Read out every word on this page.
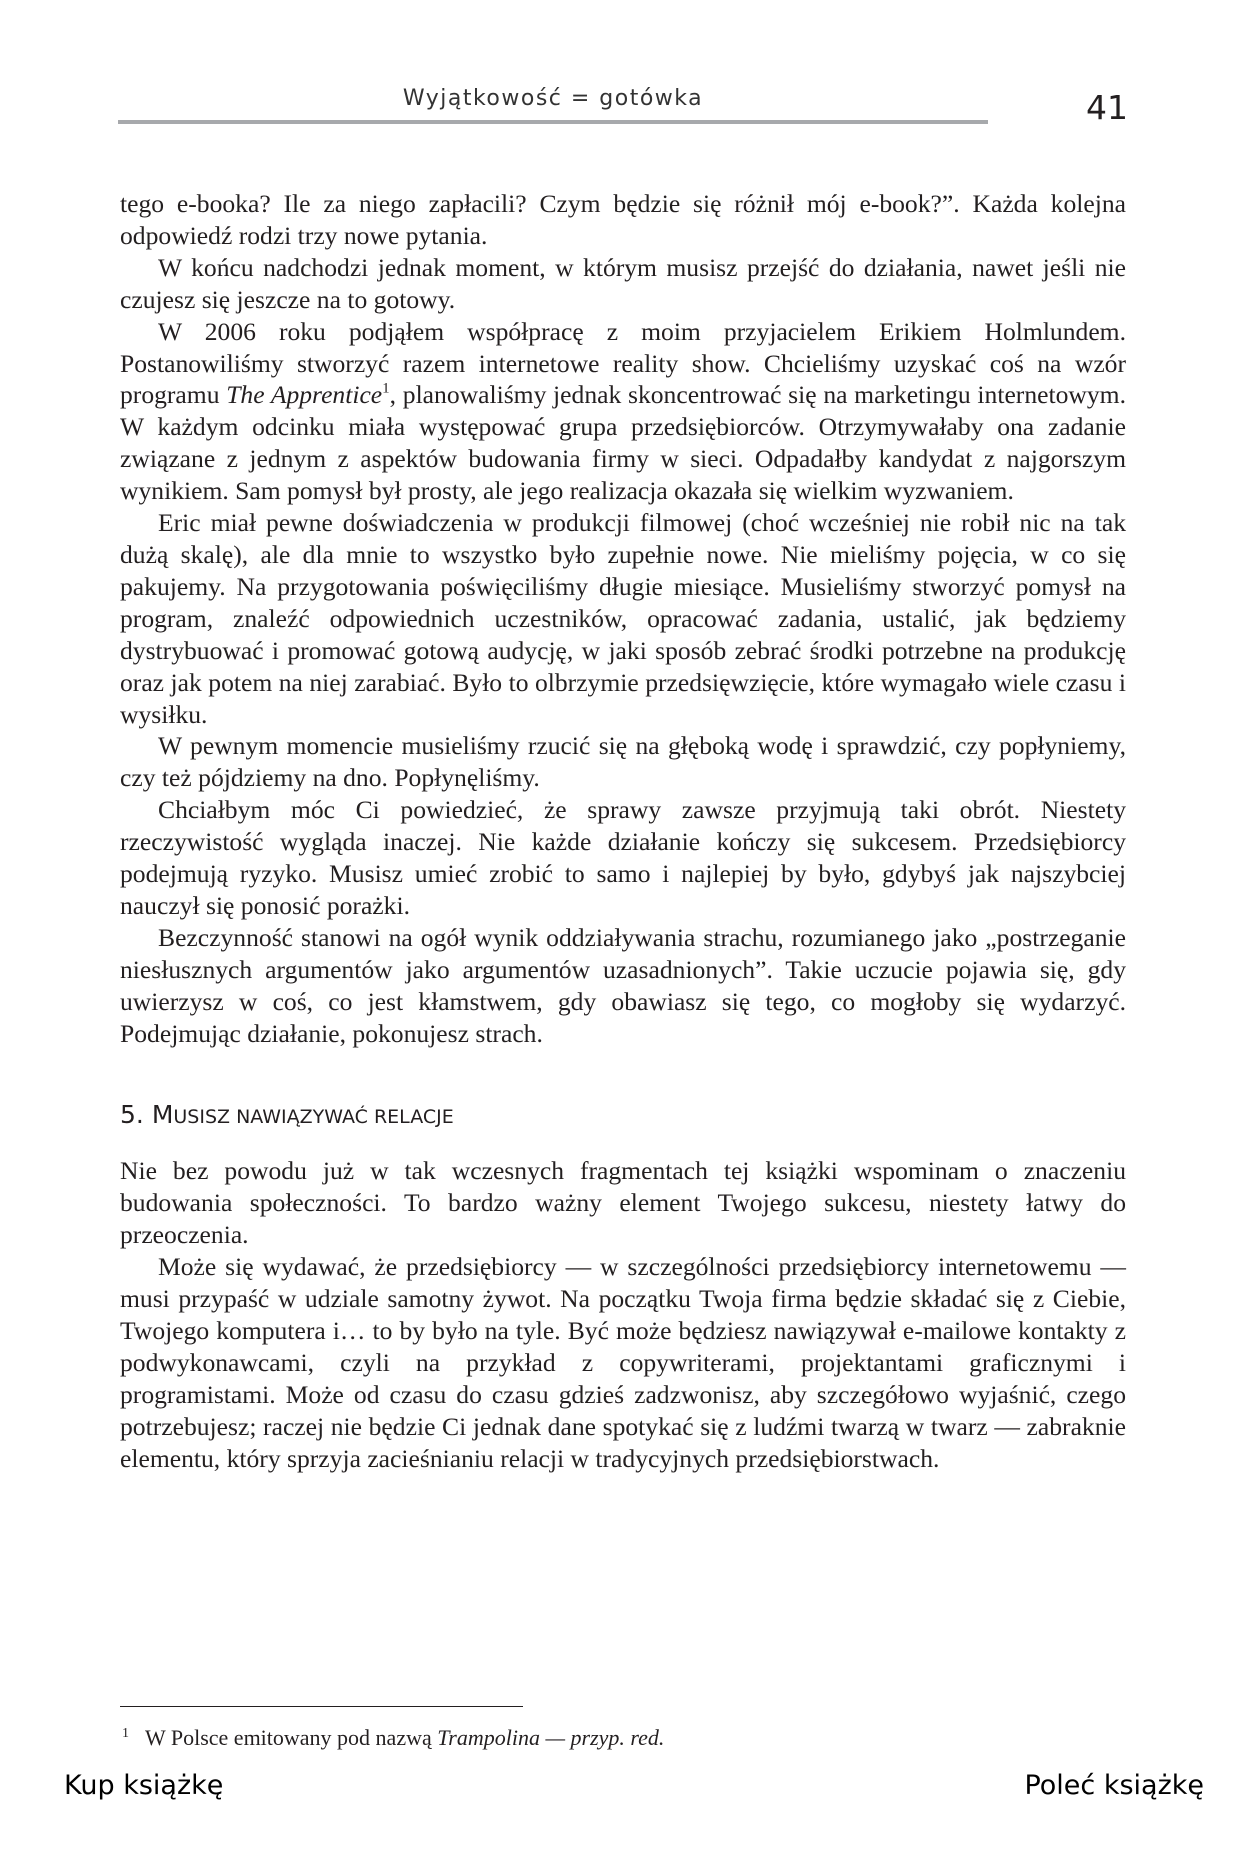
Wyjątkowość = gotówka	41

tego e-booka? Ile za niego zapłacili? Czym będzie się różnił mój e-book?”. Każda kolejna odpowiedź rodzi trzy nowe pytania.

W końcu nadchodzi jednak moment, w którym musisz przejść do działania, nawet jeśli nie czujesz się jeszcze na to gotowy.

W 2006 roku podjąłem współpracę z moim przyjacielem Erikiem Holmlundem. Postanowiliśmy stworzyć razem internetowe reality show. Chcieliśmy uzyskać coś na wzór programu The Apprentice$^1$, planowaliśmy jednak skoncentrować się na marketingu internetowym. W każdym odcinku miała występować grupa przedsiębiorców. Otrzymywałaby ona zadanie związane z jednym z aspektów budowania firmy w sieci. Odpadałby kandydat z najgorszym wynikiem. Sam pomysł był prosty, ale jego realizacja okazała się wielkim wyzwaniem.

Eric miał pewne doświadczenia w produkcji filmowej (choć wcześniej nie robił nic na tak dużą skalę), ale dla mnie to wszystko było zupełnie nowe. Nie mieliśmy pojęcia, w co się pakujemy. Na przygotowania poświęciliśmy długie miesiące. Musieliśmy stworzyć pomysł na program, znaleźć odpowiednich uczestników, opracować zadania, ustalić, jak będziemy dystrybuować i promować gotową audycję, w jaki sposób zebrać środki potrzebne na produkcję oraz jak potem na niej zarabiać. Było to olbrzymie przedsięwzięcie, które wymagało wiele czasu i wysiłku.

W pewnym momencie musieliśmy rzucić się na głęboką wodę i sprawdzić, czy popłyniemy, czy też pójdziemy na dno. Popłynęliśmy.

Chciałbym móc Ci powiedzieć, że sprawy zawsze przyjmują taki obrót. Niestety rzeczywistość wygląda inaczej. Nie każde działanie kończy się sukcesem. Przedsiębiorcy podejmują ryzyko. Musisz umieć zrobić to samo i najlepiej by było, gdybyś jak najszybciej nauczył się ponosić porażki.

Bezczynność stanowi na ogół wynik oddziaływania strachu, rozumianego jako „postrzeganie niesłusznych argumentów jako argumentów uzasadnionych”. Takie uczucie pojawia się, gdy uwierzysz w coś, co jest kłamstwem, gdy obawiasz się tego, co mogłoby się wydarzyć. Podejmując działanie, pokonujesz strach.

5. MUSISZ NAWIĄZYWAĆ RELACJE

Nie bez powodu już w tak wczesnych fragmentach tej książki wspominam o znaczeniu budowania społeczności. To bardzo ważny element Twojego sukcesu, niestety łatwy do przeoczenia.

Może się wydawać, że przedsiębiorcy — w szczególności przedsiębiorcy internetowemu — musi przypaść w udziale samotny żywot. Na początku Twoja firma będzie składać się z Ciebie, Twojego komputera i… to by było na tyle. Być może będziesz nawiązywał e-mailowe kontakty z podwykonawcami, czyli na przykład z copywriterami, projektantami graficznymi i programistami. Może od czasu do czasu gdzieś zadzwonisz, aby szczegółowo wyjaśnić, czego potrzebujesz; raczej nie będzie Ci jednak dane spotykać się z ludźmi twarzą w twarz — zabraknie elementu, który sprzyja zacieśnianiu relacji w tradycyjnych przedsiębiorstwach.

$^1$ W Polsce emitowany pod nazwą Trampolina — przyp. red.
Kup książkę	Poleć książkę
